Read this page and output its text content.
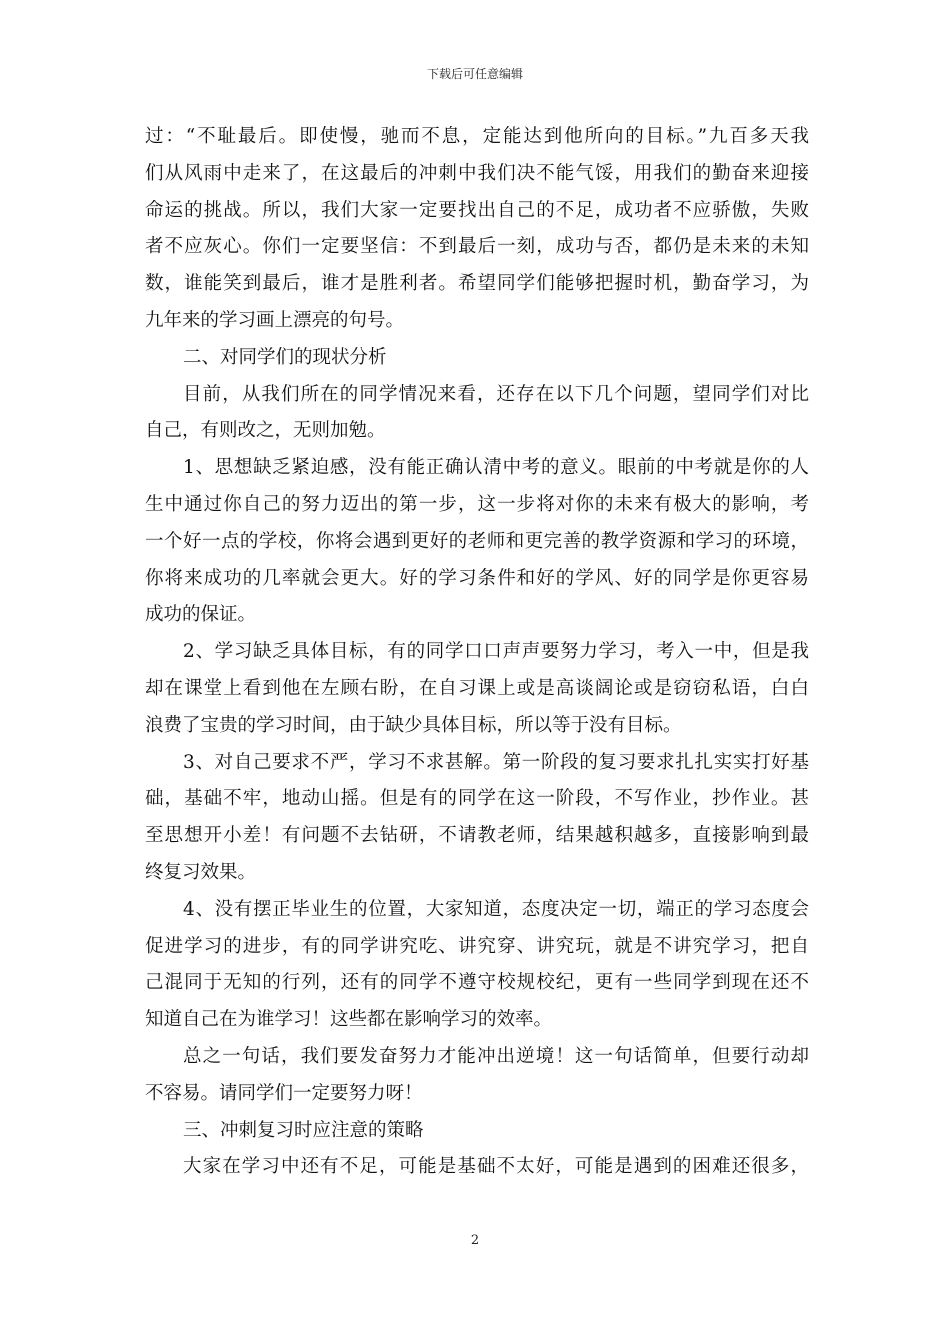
下载后可任意编辑
过：“不耻最后。即使慢，驰而不息，定能达到他所向的目标。”九百多天我
们从风雨中走来了，在这最后的冲刺中我们决不能气馁，用我们的勤奋来迎接
命运的挑战。所以，我们大家一定要找出自己的不足，成功者不应骄傲，失败
者不应灰心。你们一定要坚信：不到最后一刻，成功与否，都仍是未来的未知
数，谁能笑到最后，谁才是胜利者。希望同学们能够把握时机，勤奋学习，为
九年来的学习画上漂亮的句号。
二、对同学们的现状分析
目前，从我们所在的同学情况来看，还存在以下几个问题，望同学们对比
自己，有则改之，无则加勉。
1、思想缺乏紧迫感，没有能正确认清中考的意义。眼前的中考就是你的人
生中通过你自己的努力迈出的第一步，这一步将对你的未来有极大的影响，考
一个好一点的学校，你将会遇到更好的老师和更完善的教学资源和学习的环境，
你将来成功的几率就会更大。好的学习条件和好的学风、好的同学是你更容易
成功的保证。
2、学习缺乏具体目标，有的同学口口声声要努力学习，考入一中，但是我
却在课堂上看到他在左顾右盼，在自习课上或是高谈阔论或是窃窃私语，白白
浪费了宝贵的学习时间，由于缺少具体目标，所以等于没有目标。
3、对自己要求不严，学习不求甚解。第一阶段的复习要求扎扎实实打好基
础，基础不牢，地动山摇。但是有的同学在这一阶段，不写作业，抄作业。甚
至思想开小差！有问题不去钻研，不请教老师，结果越积越多，直接影响到最
终复习效果。
4、没有摆正毕业生的位置，大家知道，态度决定一切，端正的学习态度会
促进学习的进步，有的同学讲究吃、讲究穿、讲究玩，就是不讲究学习，把自
己混同于无知的行列，还有的同学不遵守校规校纪，更有一些同学到现在还不
知道自己在为谁学习！这些都在影响学习的效率。
总之一句话，我们要发奋努力才能冲出逆境！这一句话简单，但要行动却
不容易。请同学们一定要努力呀！
三、冲刺复习时应注意的策略
大家在学习中还有不足，可能是基础不太好，可能是遇到的困难还很多，
2
